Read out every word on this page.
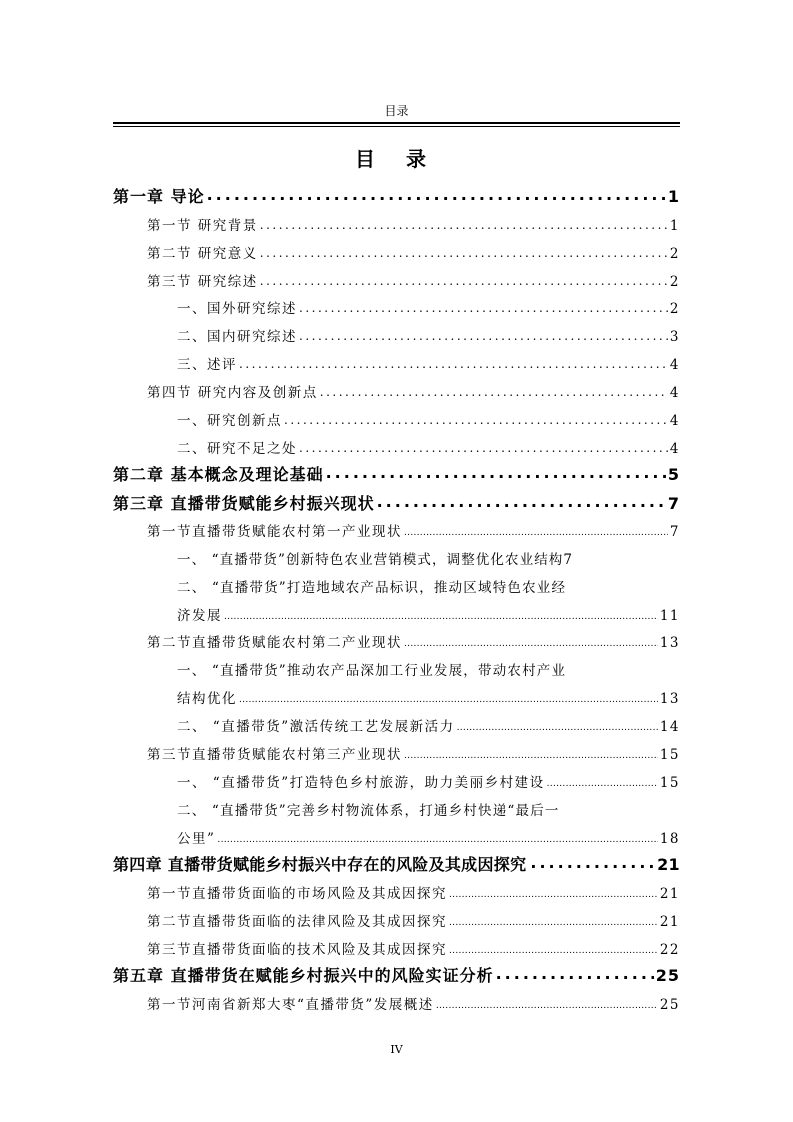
目录
目 录
第一章 导论 .....	1
第一节 研究背景 .....	1
第二节 研究意义 .....	2
第三节 研究综述 .....	2
一、国外研究综述 .....	2
二、国内研究综述 .....	3
三、述评 .....	4
第四节 研究内容及创新点 .....	4
一、研究创新点 .....	4
二、研究不足之处 .....	4
第二章 基本概念及理论基础 .....	5
第三章 直播带货赋能乡村振兴现状 .....	7
第一节直播带货赋能农村第一产业现状 .....	7
一、 “直播带货”创新特色农业营销模式，调整优化农业结构 7
二、 “直播带货”打造地域农产品标识，推动区域特色农业经
济发展 .....	11
第二节直播带货赋能农村第二产业现状 .....	13
一、 “直播带货”推动农产品深加工行业发展，带动农村产业
结构优化 .....	13
二、 “直播带货”激活传统工艺发展新活力 .....	14
第三节直播带货赋能农村第三产业现状 .....	15
一、 “直播带货”打造特色乡村旅游，助力美丽乡村建设 .....	15
二、 “直播带货”完善乡村物流体系，打通乡村快递“最后一
公里” .....	18
第四章 直播带货赋能乡村振兴中存在的风险及其成因探究 .....	21
第一节直播带货面临的市场风险及其成因探究 .....	21
第二节直播带货面临的法律风险及其成因探究 .....	21
第三节直播带货面临的技术风险及其成因探究 .....	22
第五章 直播带货在赋能乡村振兴中的风险实证分析 .....	25
第一节河南省新郑大枣“直播带货”发展概述 .....	25
IV
